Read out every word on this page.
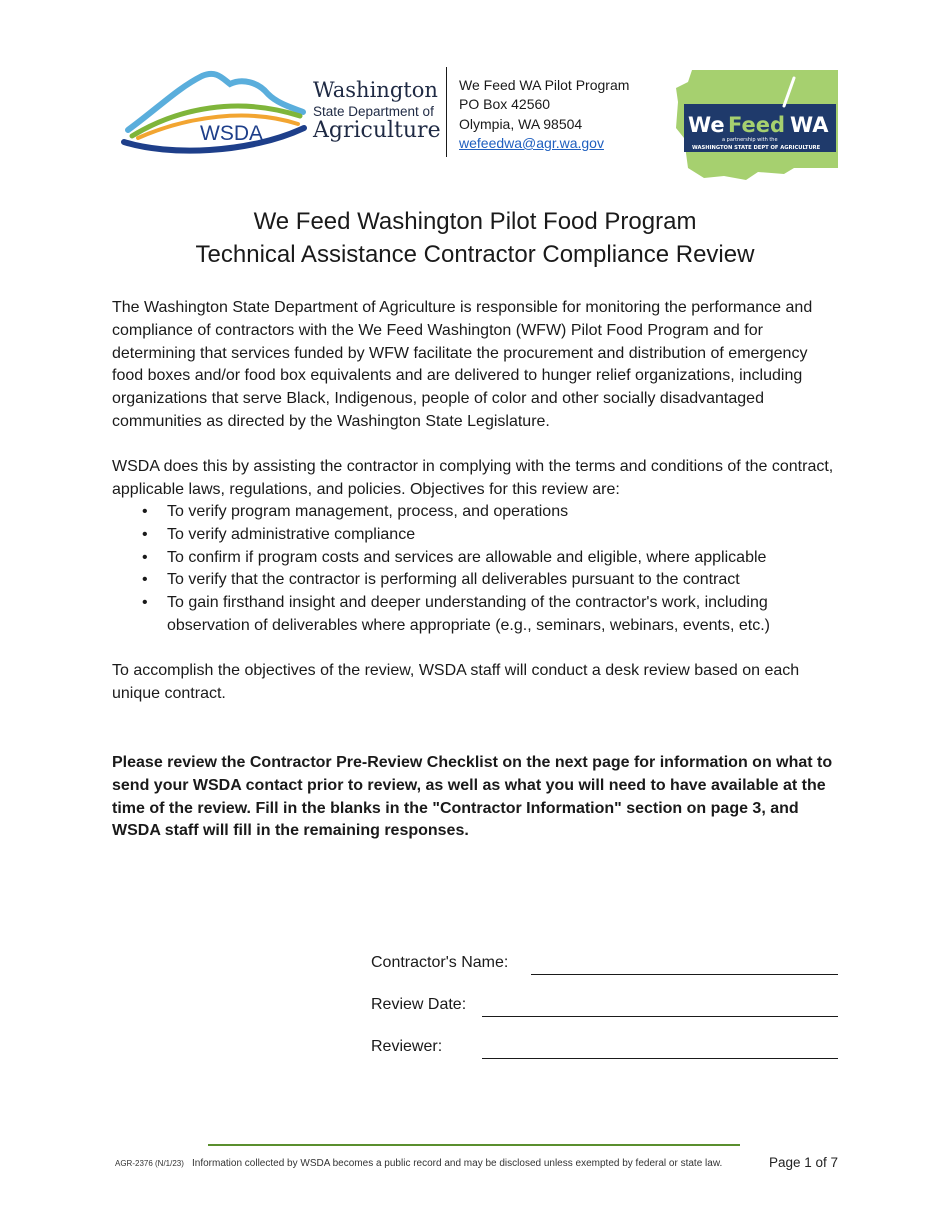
WSDA
Washington
State Department of
Agriculture
We Feed WA Pilot Program
PO Box 42560
Olympia, WA 98504
wefeedwa@agr.wa.gov
We Feed WA
a partnership with the
WASHINGTON STATE DEPT OF AGRICULTURE
We Feed Washington Pilot Food Program
Technical Assistance Contractor Compliance Review

The Washington State Department of Agriculture is responsible for monitoring the performance and compliance of contractors with the We Feed Washington (WFW) Pilot Food Program and for determining that services funded by WFW facilitate the procurement and distribution of emergency food boxes and/or food box equivalents and are delivered to hunger relief organizations, including organizations that serve Black, Indigenous, people of color and other socially disadvantaged communities as directed by the Washington State Legislature.

WSDA does this by assisting the contractor in complying with the terms and conditions of the contract, applicable laws, regulations, and policies. Objectives for this review are:

• To verify program management, process, and operations
• To verify administrative compliance
• To confirm if program costs and services are allowable and eligible, where applicable
• To verify that the contractor is performing all deliverables pursuant to the contract
• To gain firsthand insight and deeper understanding of the contractor's work, including observation of deliverables where appropriate (e.g., seminars, webinars, events, etc.)

To accomplish the objectives of the review, WSDA staff will conduct a desk review based on each unique contract.

Please review the Contractor Pre-Review Checklist on the next page for information on what to send your WSDA contact prior to review, as well as what you will need to have available at the time of the review. Fill in the blanks in the "Contractor Information" section on page 3, and WSDA staff will fill in the remaining responses.

Contractor's Name:
Review Date:
Reviewer:
AGR-2376 (N/1/23) Information collected by WSDA becomes a public record and may be disclosed unless exempted by federal or state law.	Page 1 of 7
